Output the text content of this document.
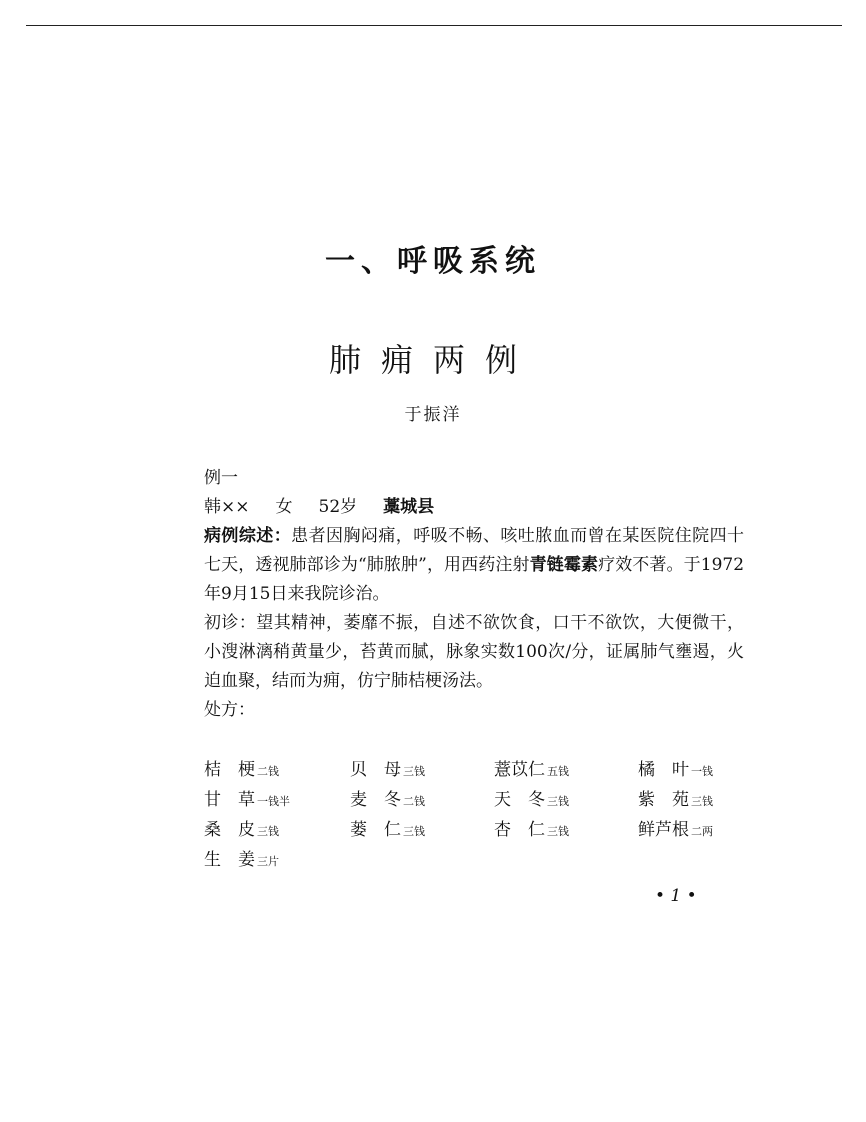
一、呼吸系统
肺痈两例
于振洋

例一

韩×× 女 52岁 藁城县

病例综述：患者因胸闷痛，呼吸不畅、咳吐脓血而曾在某医院住院四十七天，透视肺部诊为“肺脓肿”，用西药注射青链霉素疗效不著。于1972年9月15日来我院诊治。

初诊：望其精神，萎靡不振，自述不欲饮食，口干不欲饮，大便微干，小溲淋漓稍黄量少，苔黄而腻，脉象实数100次/分，证属肺气壅遏，火迫血聚，结而为痈，仿宁肺桔梗汤法。

处方：

桔　梗 二钱	贝　母 三钱	薏苡仁 五钱	橘　叶 一钱
甘　草 一钱半	麦　冬 二钱	天　冬 三钱	紫　苑 三钱
桑　皮 三钱	蒌　仁 三钱	杏　仁 三钱	鲜芦根 二两
生　姜 三片
• 1 •
